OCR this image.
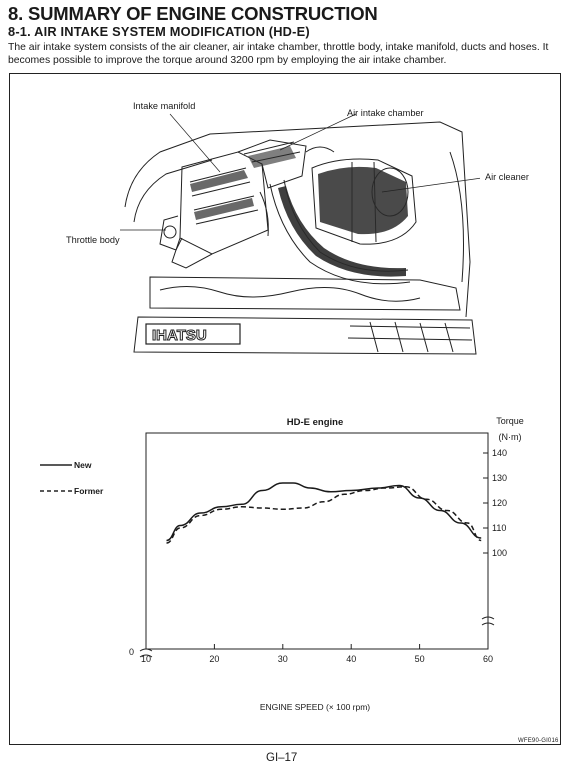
8. SUMMARY OF ENGINE CONSTRUCTION
8-1. AIR INTAKE SYSTEM MODIFICATION (HD-E)
The air intake system consists of the air cleaner, air intake chamber, throttle body, intake manifold, ducts and hoses. It becomes possible to improve the torque around 3200 rpm by employing the air intake chamber.
IHATSU
Intake manifold
Air intake chamber
Air cleaner
Throttle body
HD-E engine	Torque
(N·m)
10	20	30	40	50	60
140
130
120
110
100
0
New
Former
ENGINE SPEED (× 100 rpm)
WFE90-GI016
GI–17
